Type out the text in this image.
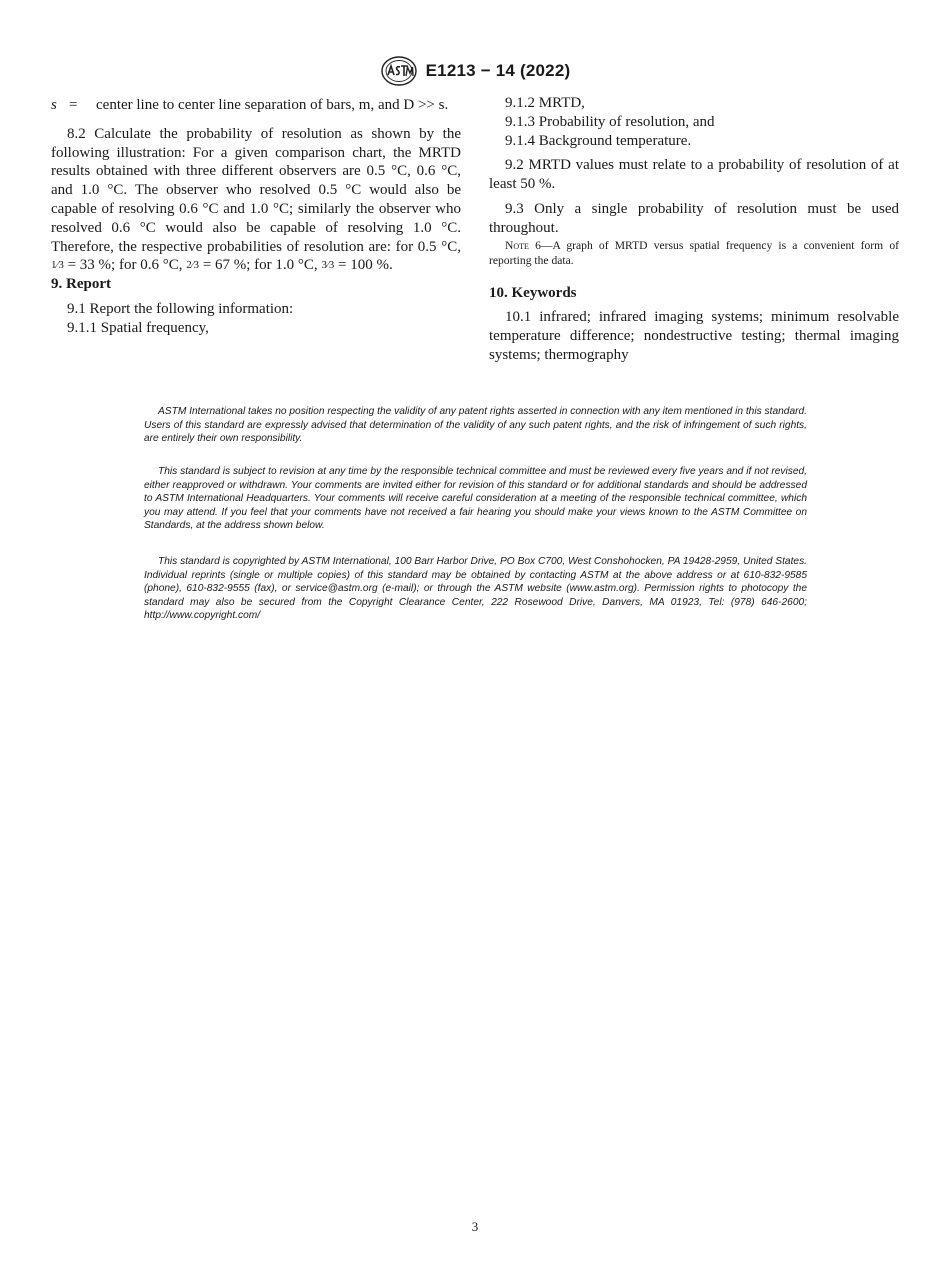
E1213 − 14 (2022)
s =	center line to center line separation of bars, m, and D >> s.

8.2 Calculate the probability of resolution as shown by the following illustration: For a given comparison chart, the MRTD results obtained with three different observers are 0.5 °C, 0.6 °C, and 1.0 °C. The observer who resolved 0.5 °C would also be capable of resolving 0.6 °C and 1.0 °C; similarly the observer who resolved 0.6 °C would also be capable of resolving 1.0 °C. Therefore, the respective probabilities of resolution are: for 0.5 °C, 1⁄3 = 33 %; for 0.6 °C, 2⁄3 = 67 %; for 1.0 °C, 3⁄3 = 100 %.

9. Report

9.1 Report the following information:

9.1.1 Spatial frequency,

9.1.2 MRTD,

9.1.3 Probability of resolution, and

9.1.4 Background temperature.

9.2 MRTD values must relate to a probability of resolution of at least 50 %.

9.3 Only a single probability of resolution must be used throughout.

Note 6—A graph of MRTD versus spatial frequency is a convenient form of reporting the data.

10. Keywords

10.1 infrared; infrared imaging systems; minimum resolvable temperature difference; nondestructive testing; thermal imaging systems; thermography

ASTM International takes no position respecting the validity of any patent rights asserted in connection with any item mentioned in this standard. Users of this standard are expressly advised that determination of the validity of any such patent rights, and the risk of infringement of such rights, are entirely their own responsibility.

This standard is subject to revision at any time by the responsible technical committee and must be reviewed every five years and if not revised, either reapproved or withdrawn. Your comments are invited either for revision of this standard or for additional standards and should be addressed to ASTM International Headquarters. Your comments will receive careful consideration at a meeting of the responsible technical committee, which you may attend. If you feel that your comments have not received a fair hearing you should make your views known to the ASTM Committee on Standards, at the address shown below.

This standard is copyrighted by ASTM International, 100 Barr Harbor Drive, PO Box C700, West Conshohocken, PA 19428-2959, United States. Individual reprints (single or multiple copies) of this standard may be obtained by contacting ASTM at the above address or at 610-832-9585 (phone), 610-832-9555 (fax), or service@astm.org (e-mail); or through the ASTM website (www.astm.org). Permission rights to photocopy the standard may also be secured from the Copyright Clearance Center, 222 Rosewood Drive, Danvers, MA 01923, Tel: (978) 646-2600; http://www.copyright.com/

3
